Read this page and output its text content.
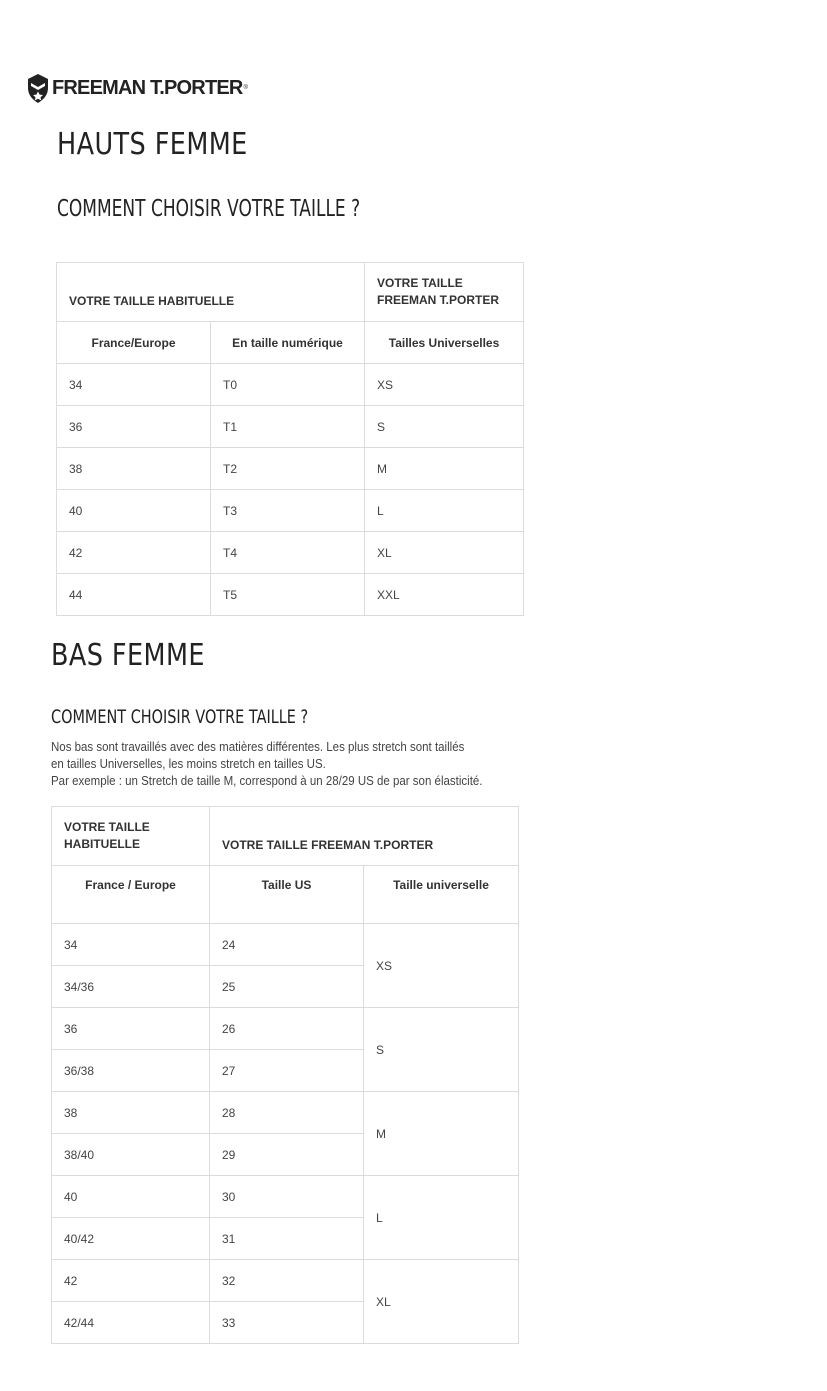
FREEMAN T.PORTER ®
HAUTS FEMME
COMMENT CHOISIR VOTRE TAILLE ?
VOTRE TAILLE HABITUELLE		VOTRE TAILLE FREEMAN T.PORTER
France/Europe	En taille numérique	Tailles Universelles
34	T0	XS
36	T1	S
38	T2	M
40	T3	L
42	T4	XL
44	T5	XXL
BAS FEMME
COMMENT CHOISIR VOTRE TAILLE ?
Nos bas sont travaillés avec des matières différentes. Les plus stretch sont taillés
en tailles Universelles, les moins stretch en tailles US.
Par exemple : un Stretch de taille M, correspond à un 28/29 US de par son élasticité.
VOTRE TAILLE HABITUELLE	VOTRE TAILLE FREEMAN T.PORTER	
France / Europe	Taille US	Taille universelle
34	24	XS
34/36	25	
36	26	S
36/38	27	
38	28	M
38/40	29	
40	30	L
40/42	31	
42	32	XL
42/44	33	
